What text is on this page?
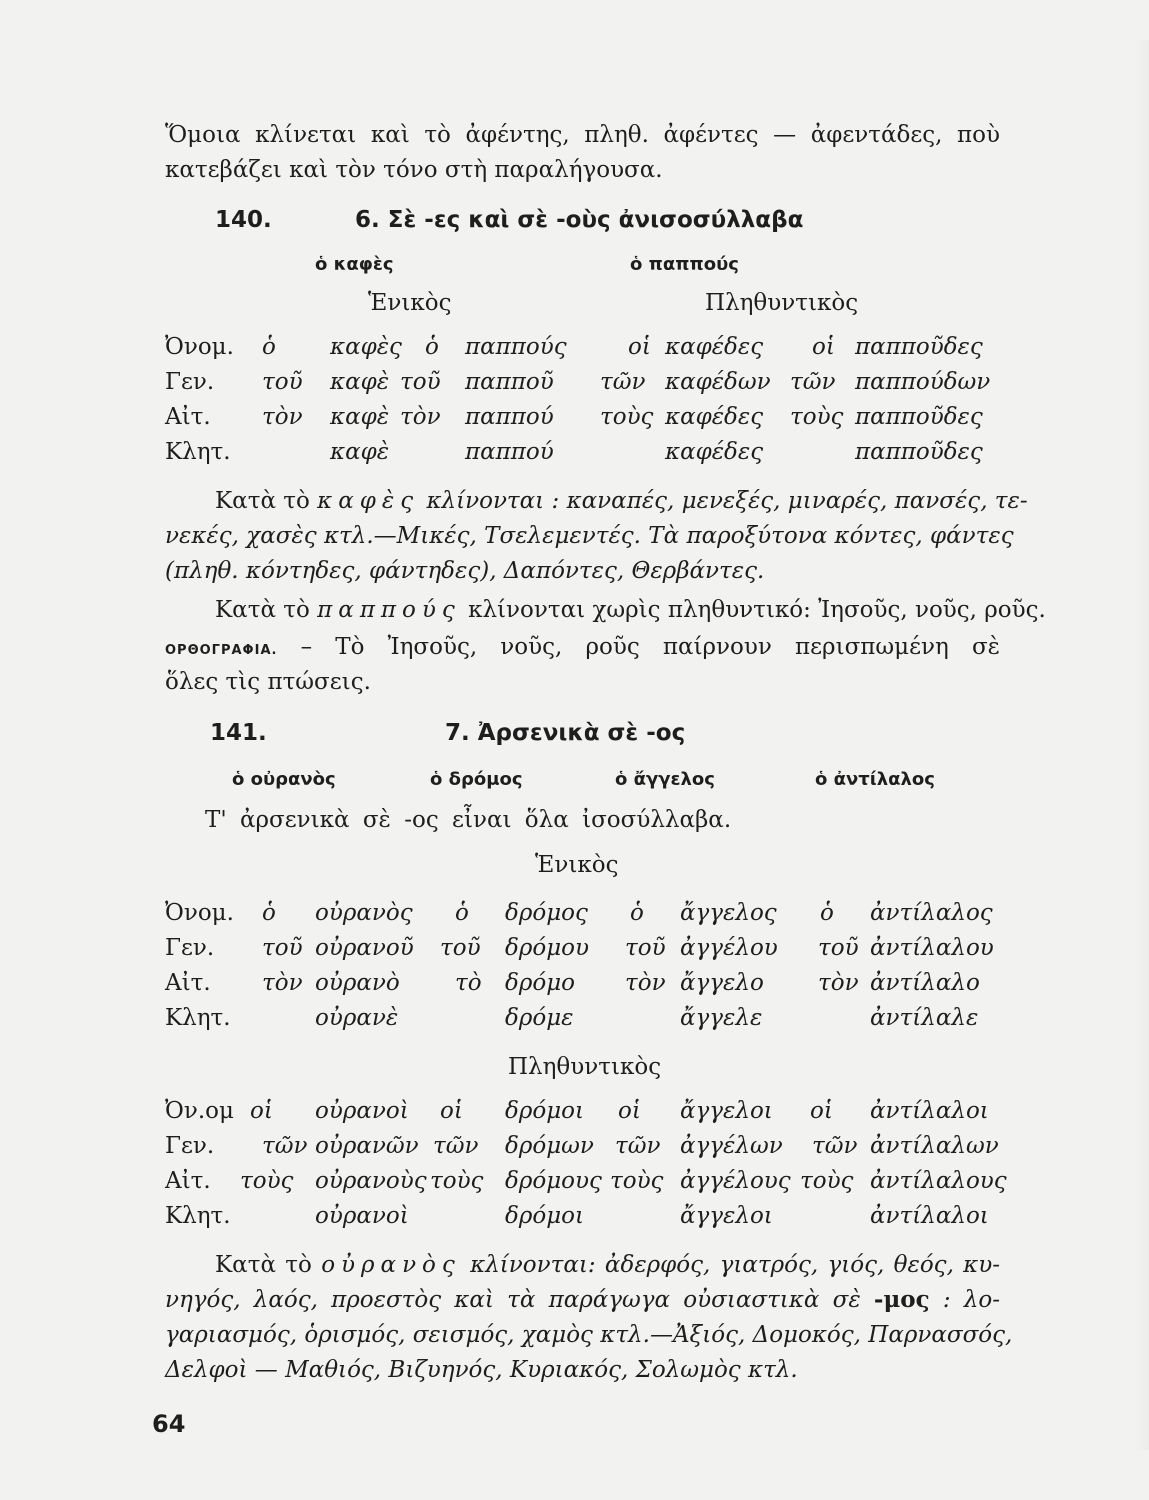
Ὅμοια κλίνεται καὶ τὸ ἀφέντης, πληθ. ἀφέντες — ἀφεντάδες, ποὺ
κατεβάζει καὶ τὸν τόνο στὴ παραλήγουσα.
140.	6. Σὲ -ες καὶ σὲ -οὺς ἀνισοσύλλαβα
ὁ καφὲς	ὁ παππούς
Ἑνικὸς	Πληθυντικὸς
Ὀνομ. ὁ καφὲς ὁ παππούς	οἱ καφέδες οἱ παπποῦδες
Γεν. τοῦ καφὲ τοῦ παπποῦ τῶν καφέδων τῶν παππούδων
Αἰτ. τὸν καφὲ τὸν παππού τοὺς καφέδες τοὺς παπποῦδες
Κλητ.	καφὲ	παππού	καφέδες	παπποῦδες
Κατὰ τὸ καφὲς κλίνονται : καναπές, μενεξές, μιναρές, πανσές, τε-
νεκές, χασὲς κτλ.—Μικές, Τσελεμεντές. Τὰ παροξύτονα κόντες, φάντες
(πληθ. κόντηδες, φάντηδες), Δαπόντες, Θερβάντες.
Κατὰ τὸ παππούς κλίνονται χωρὶς πληθυντικό: Ἰησοῦς, νοῦς, ροῦς.
ΟΡΘΟΓΡΑΦΙΑ. – Τὸ Ἰησοῦς, νοῦς, ροῦς παίρνουν περισπωμένη σὲ
ὅλες τὶς πτώσεις.
141.	7. Ἀρσενικὰ σὲ -ος
ὁ οὐρανὸς	ὁ δρόμος	ὁ ἄγγελος	ὁ ἀντίλαλος
Τ' ἀρσενικὰ σὲ -ος εἶναι ὅλα ἰσοσύλλαβα.
Ἑνικὸς
Ὀνομ. ὁ οὐρανὸς ὁ δρόμος ὁ ἄγγελος ὁ ἀντίλαλος
Γεν. τοῦ οὐρανοῦ τοῦ δρόμου τοῦ ἀγγέλου τοῦ ἀντίλαλου
Αἰτ. τὸν οὐρανὸ τὸ δρόμο τὸν ἄγγελο τὸν ἀντίλαλο
Κλητ.	οὐρανὲ	δρόμε	ἄγγελε	ἀντίλαλε
Πληθυντικὸς
Ὀν.ομ οἱ οὐρανοὶ οἱ δρόμοι οἱ ἄγγελοι οἱ ἀντίλαλοι
Γεν. τῶν οὐρανῶν τῶν δρόμων τῶν ἀγγέλων τῶν ἀντίλαλων
Αἰτ. τοὺς οὐρανοὺς τοὺς δρόμους τοὺς ἀγγέλους τοὺς ἀντίλαλους
Κλητ.	οὐρανοὶ	δρόμοι	ἄγγελοι	ἀντίλαλοι
Κατὰ τὸ οὐρανὸς κλίνονται: ἀδερφός, γιατρός, γιός, θεός, κυ-
νηγός, λαός, προεστὸς καὶ τὰ παράγωγα οὐσιαστικὰ σὲ -μος : λο-
γαριασμός, ὁρισμός, σεισμός, χαμὸς κτλ.—Ἀξιός, Δομοκός, Παρνασσός,
Δελφοὶ — Μαθιός, Βιζυηνός, Κυριακός, Σολωμὸς κτλ.
64
